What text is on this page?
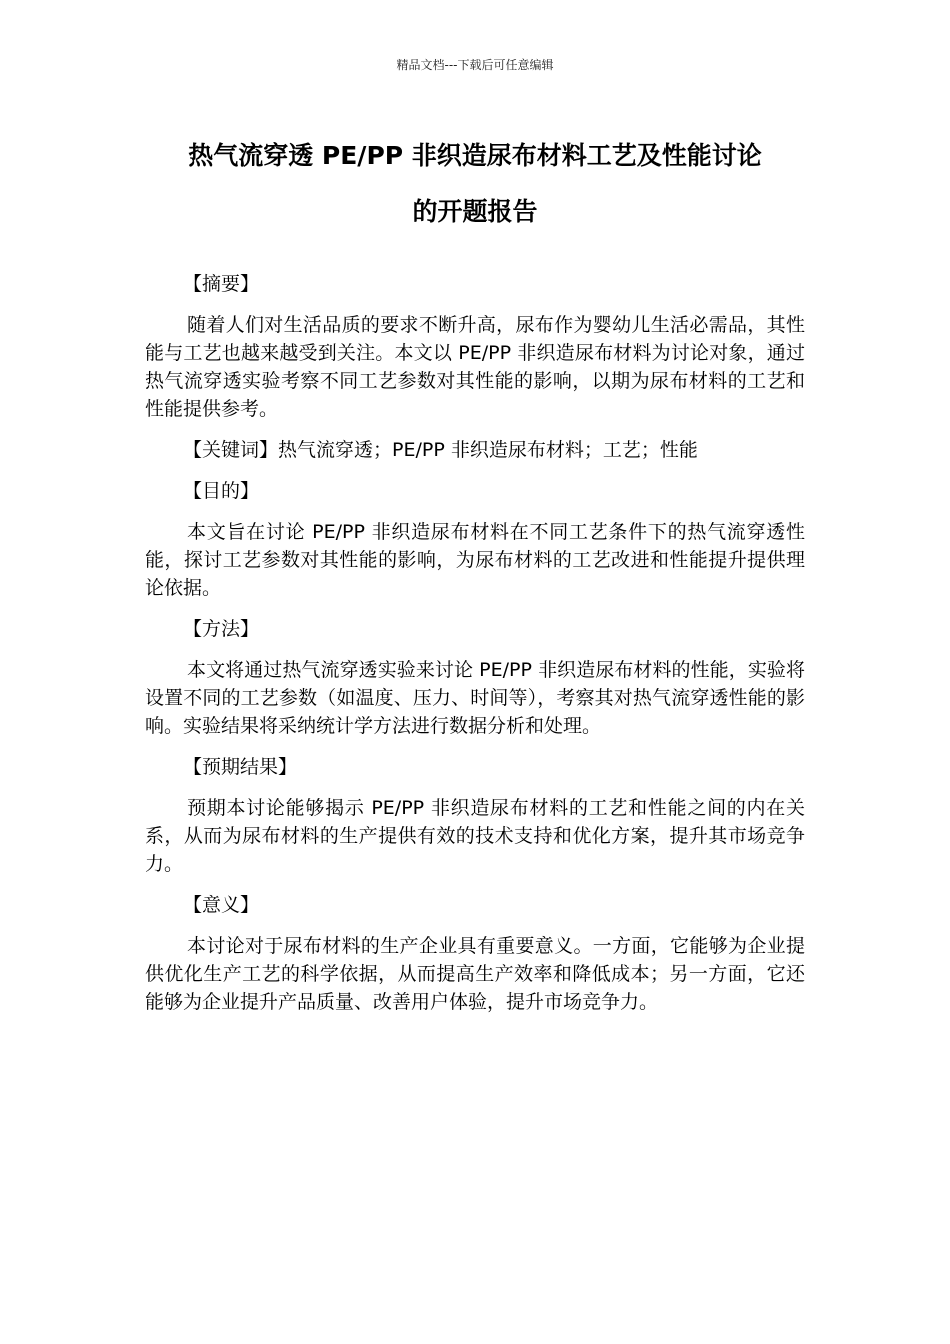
精品文档---下载后可任意编辑
热气流穿透 PE/PP 非织造尿布材料工艺及性能讨论
的开题报告

【摘要】

随着人们对生活品质的要求不断升高，尿布作为婴幼儿生活必需品，其性能与工艺也越来越受到关注。本文以 PE/PP 非织造尿布材料为讨论对象，通过热气流穿透实验考察不同工艺参数对其性能的影响，以期为尿布材料的工艺和性能提供参考。

【关键词】热气流穿透；PE/PP 非织造尿布材料；工艺；性能

【目的】

本文旨在讨论 PE/PP 非织造尿布材料在不同工艺条件下的热气流穿透性能，探讨工艺参数对其性能的影响，为尿布材料的工艺改进和性能提升提供理论依据。

【方法】

本文将通过热气流穿透实验来讨论 PE/PP 非织造尿布材料的性能，实验将设置不同的工艺参数（如温度、压力、时间等），考察其对热气流穿透性能的影响。实验结果将采纳统计学方法进行数据分析和处理。

【预期结果】

预期本讨论能够揭示 PE/PP 非织造尿布材料的工艺和性能之间的内在关系，从而为尿布材料的生产提供有效的技术支持和优化方案，提升其市场竞争力。

【意义】

本讨论对于尿布材料的生产企业具有重要意义。一方面，它能够为企业提供优化生产工艺的科学依据，从而提高生产效率和降低成本；另一方面，它还能够为企业提升产品质量、改善用户体验，提升市场竞争力。
